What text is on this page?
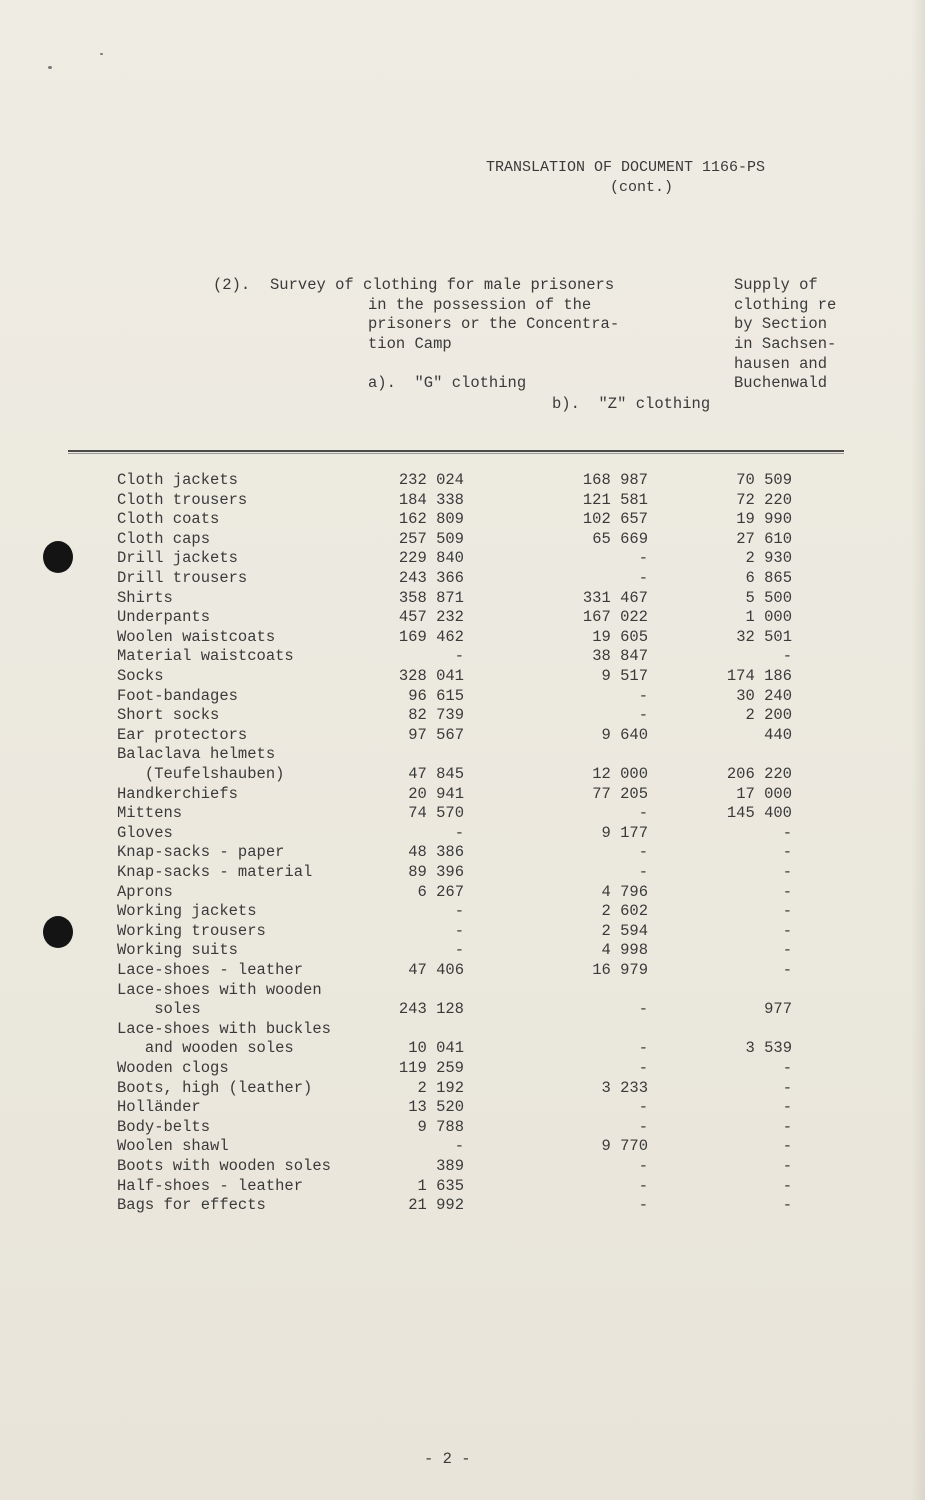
TRANSLATION OF DOCUMENT 1166-PS
(cont.)
(2). Survey of clothing for male prisoners
in the possession of the
prisoners or the Concentra-
tion Camp
a).  "G" clothing
b).  "Z" clothing
Supply of
clothing re
by Section
in Sachsen-
hausen and
Buchenwald
Cloth jackets	232 024	168 987	70 509
Cloth trousers	184 338	121 581	72 220
Cloth coats	162 809	102 657	19 990
Cloth caps	257 509	65 669	27 610
Drill jackets	229 840	-	2 930
Drill trousers	243 366	-	6 865
Shirts	358 871	331 467	5 500
Underpants	457 232	167 022	1 000
Woolen waistcoats	169 462	19 605	32 501
Material waistcoats	-	38 847	-
Socks	328 041	9 517	174 186
Foot-bandages	96 615	-	30 240
Short socks	82 739	-	2 200
Ear protectors	97 567	9 640	440
Balaclava helmets
(Teufelshauben)	47 845	12 000	206 220
Handkerchiefs	20 941	77 205	17 000
Mittens	74 570	-	145 400
Gloves	-	9 177	-
Knap-sacks - paper	48 386	-	-
Knap-sacks - material	89 396	-	-
Aprons	6 267	4 796	-
Working jackets	-	2 602	-
Working trousers	-	2 594	-
Working suits	-	4 998	-
Lace-shoes - leather	47 406	16 979	-
Lace-shoes with wooden
soles	243 128	-	977
Lace-shoes with buckles
and wooden soles	10 041	-	3 539
Wooden clogs	119 259	-	-
Boots, high (leather)	2 192	3 233	-
Holländer	13 520	-	-
Body-belts	9 788	-	-
Woolen shawl	-	9 770	-
Boots with wooden soles	389	-	-
Half-shoes - leather	1 635	-	-
Bags for effects	21 992	-	-
- 2 -
